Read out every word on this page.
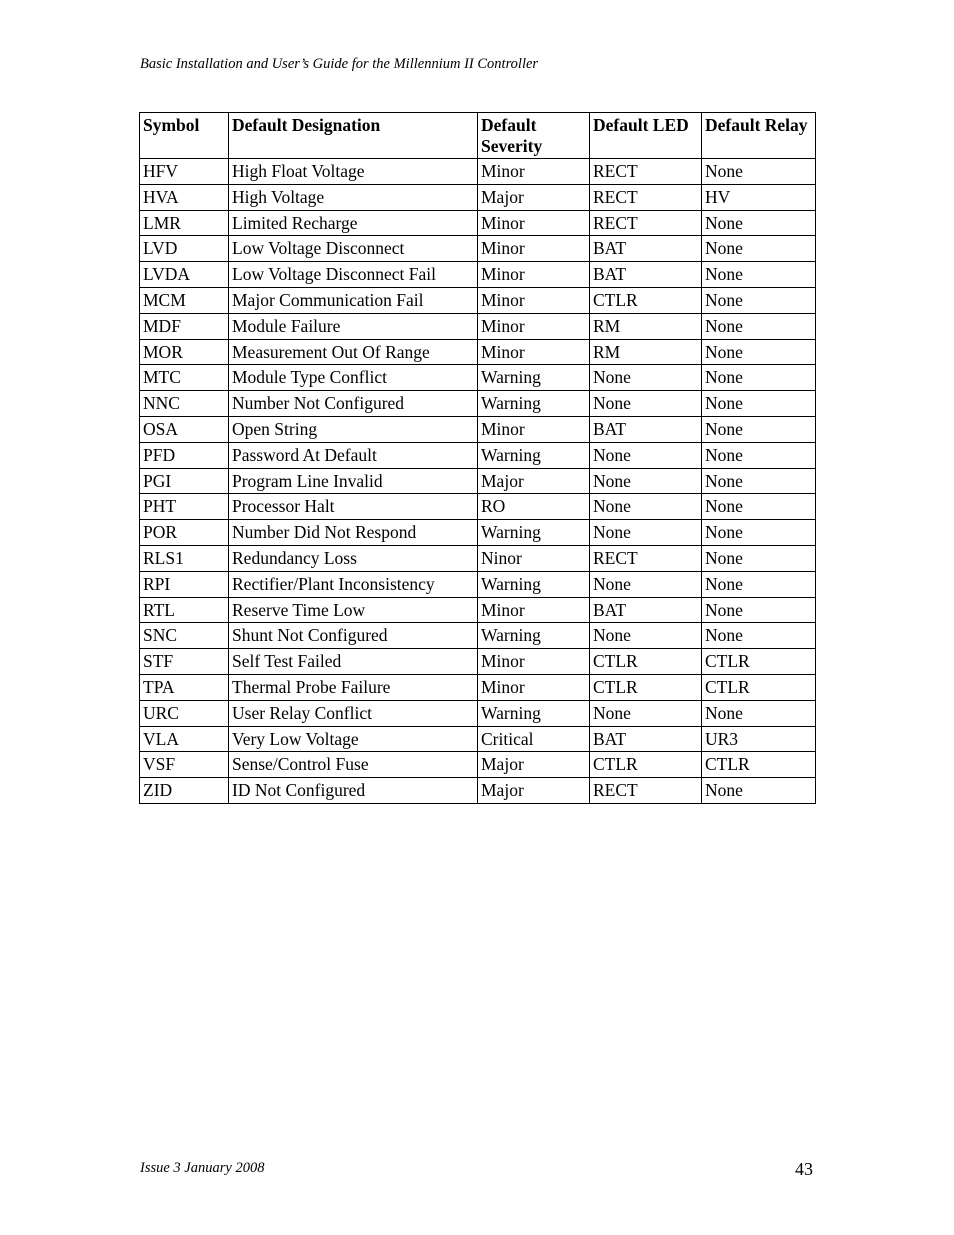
Basic Installation and User’s Guide for the Millennium II Controller
Symbol	Default Designation	Default Severity	Default LED	Default Relay
HFV	High Float Voltage	Minor	RECT	None
HVA	High Voltage	Major	RECT	HV
LMR	Limited Recharge	Minor	RECT	None
LVD	Low Voltage Disconnect	Minor	BAT	None
LVDA	Low Voltage Disconnect Fail	Minor	BAT	None
MCM	Major Communication Fail	Minor	CTLR	None
MDF	Module Failure	Minor	RM	None
MOR	Measurement Out Of Range	Minor	RM	None
MTC	Module Type Conflict	Warning	None	None
NNC	Number Not Configured	Warning	None	None
OSA	Open String	Minor	BAT	None
PFD	Password At Default	Warning	None	None
PGI	Program Line Invalid	Major	None	None
PHT	Processor Halt	RO	None	None
POR	Number Did Not Respond	Warning	None	None
RLS1	Redundancy Loss	Ninor	RECT	None
RPI	Rectifier/Plant Inconsistency	Warning	None	None
RTL	Reserve Time Low	Minor	BAT	None
SNC	Shunt Not Configured	Warning	None	None
STF	Self Test Failed	Minor	CTLR	CTLR
TPA	Thermal Probe Failure	Minor	CTLR	CTLR
URC	User Relay Conflict	Warning	None	None
VLA	Very Low Voltage	Critical	BAT	UR3
VSF	Sense/Control Fuse	Major	CTLR	CTLR
ZID	ID Not Configured	Major	RECT	None
Issue 3 January 2008	43
